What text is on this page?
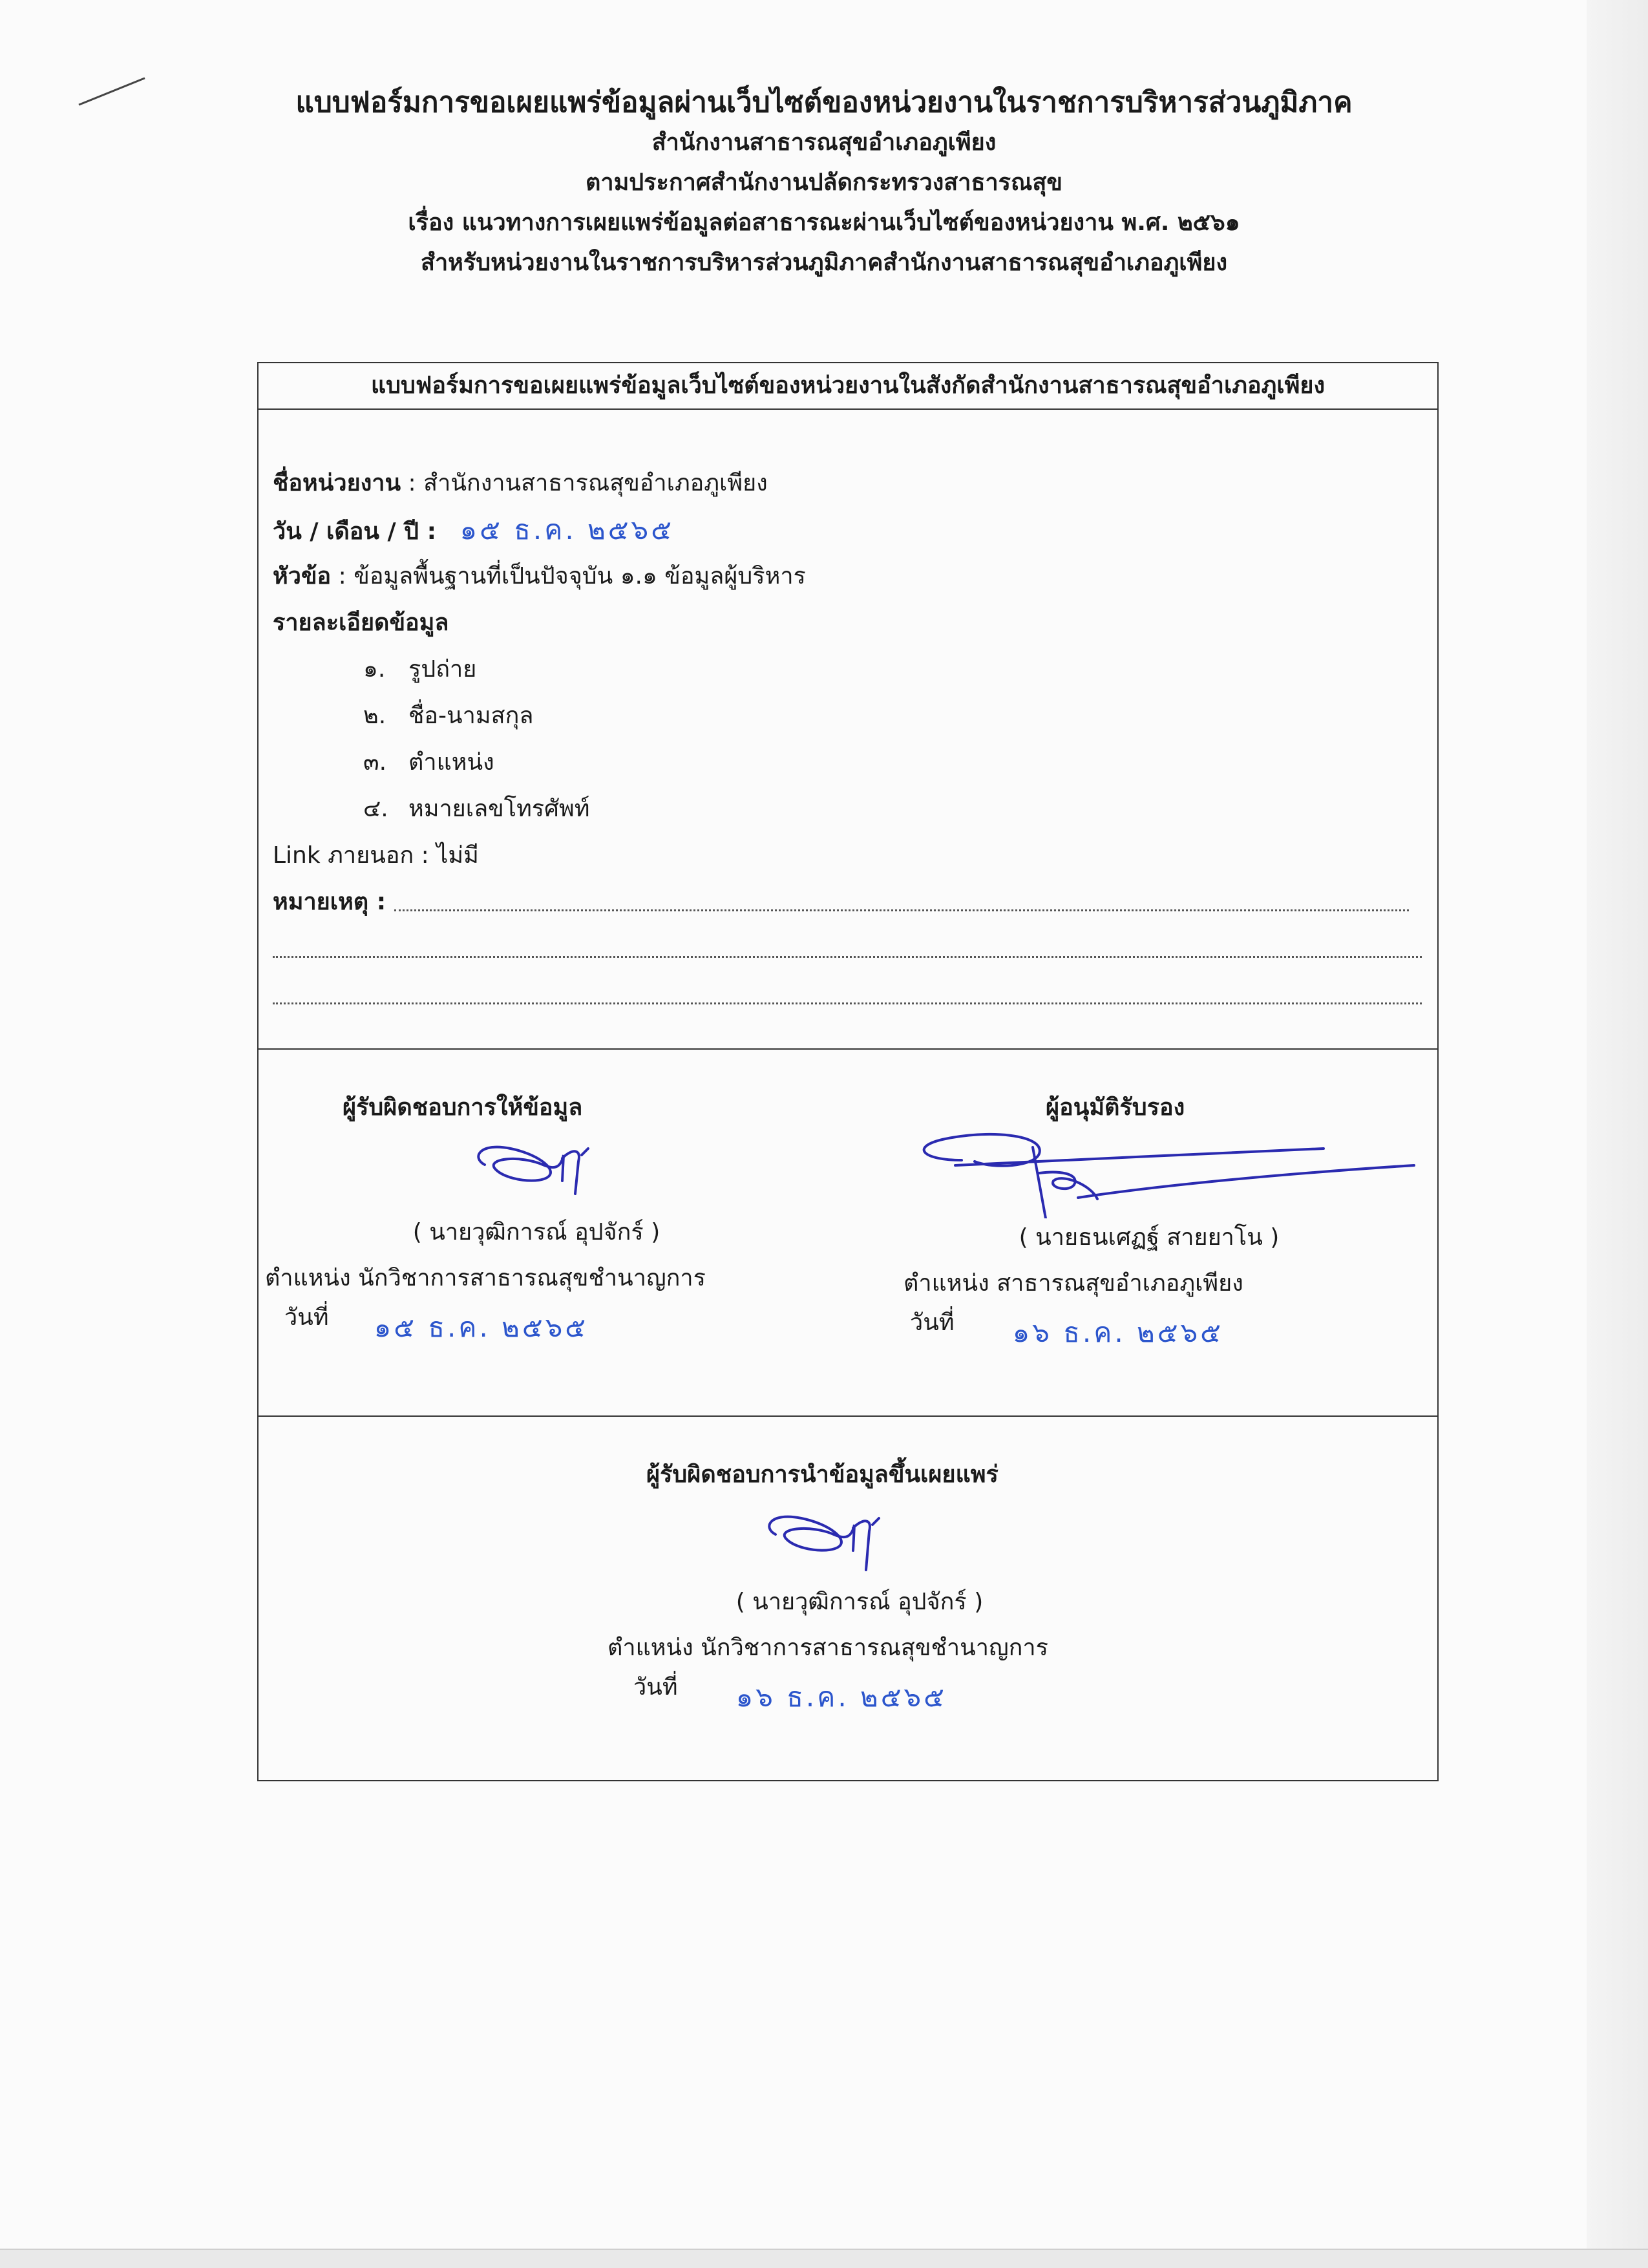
แบบฟอร์มการขอเผยแพร่ข้อมูลผ่านเว็บไซต์ของหน่วยงานในราชการบริหารส่วนภูมิภาค
สำนักงานสาธารณสุขอำเภอภูเพียง
ตามประกาศสำนักงานปลัดกระทรวงสาธารณสุข
เรื่อง แนวทางการเผยแพร่ข้อมูลต่อสาธารณะผ่านเว็บไซต์ของหน่วยงาน พ.ศ. ๒๕๖๑
สำหรับหน่วยงานในราชการบริหารส่วนภูมิภาคสำนักงานสาธารณสุขอำเภอภูเพียง
แบบฟอร์มการขอเผยแพร่ข้อมูลเว็บไซต์ของหน่วยงานในสังกัดสำนักงานสาธารณสุขอำเภอภูเพียง
ชื่อหน่วยงาน : สำนักงานสาธารณสุขอำเภอภูเพียง
วัน / เดือน / ปี : ๑๕ ธ.ค. ๒๕๖๕
หัวข้อ : ข้อมูลพื้นฐานที่เป็นปัจจุบัน ๑.๑ ข้อมูลผู้บริหาร
รายละเอียดข้อมูล
๑. รูปถ่าย
๒. ชื่อ-นามสกุล
๓. ตำแหน่ง
๔. หมายเลขโทรศัพท์
Link ภายนอก : ไม่มี
หมายเหตุ :
ผู้รับผิดชอบการให้ข้อมูล
( นายวุฒิการณ์ อุปจักร์ )
ตำแหน่ง นักวิชาการสาธารณสุขชำนาญการ
วันที่ ๑๕ ธ.ค. ๒๕๖๕
ผู้อนุมัติรับรอง
( นายธนเศฏฐ์ สายยาโน )
ตำแหน่ง สาธารณสุขอำเภอภูเพียง
วันที่ ๑๖ ธ.ค. ๒๕๖๕
ผู้รับผิดชอบการนำข้อมูลขึ้นเผยแพร่
( นายวุฒิการณ์ อุปจักร์ )
ตำแหน่ง นักวิชาการสาธารณสุขชำนาญการ
วันที่ ๑๖ ธ.ค. ๒๕๖๕
